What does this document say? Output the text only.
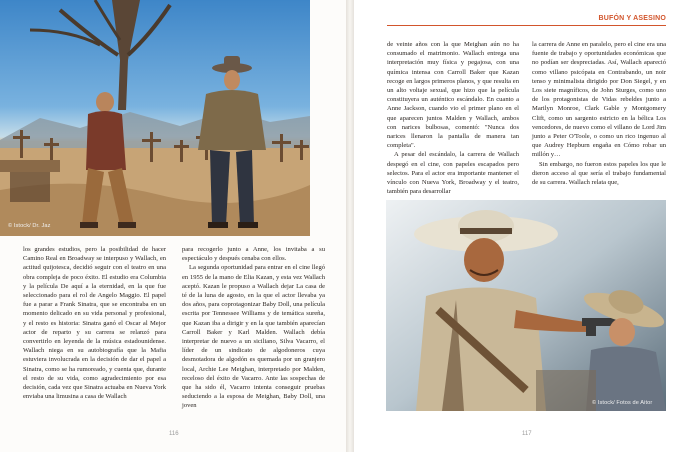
© Istock/ Dr. Jaz

los grandes estudios, pero la posibilidad de hacer Camino Real en Broadway se interpuso y Wallach, en actitud quijotesca, decidió seguir con el teatro en una obra compleja de poco éxito. El estudio era Columbia y la película De aquí a la eternidad, en la que fue seleccionado para el rol de Angelo Maggio. El papel fue a parar a Frank Sinatra, que se encontraba en un momento delicado en su vida personal y profesional, y el resto es historia: Sinatra ganó el Oscar al Mejor actor de reparto y su carrera se relanzó para convertirlo en leyenda de la música estadounidense. Wallach niega en su autobiografía que la Mafia estuviera involucrada en la decisión de dar el papel a Sinatra, como se ha rumoreado, y cuenta que, durante el resto de su vida, como agradecimiento por esa decisión, cada vez que Sinatra actuaba en Nueva York enviaba una limusina a casa de Wallach

para recogerlo junto a Anne, los invitaba a su espectáculo y después cenaba con ellos.

La segunda oportunidad para entrar en el cine llegó en 1955 de la mano de Elia Kazan, y esta vez Wallach aceptó. Kazan le propuso a Wallach dejar La casa de té de la luna de agosto, en la que el actor llevaba ya dos años, para coprotagonizar Baby Doll, una película escrita por Tennessee Williams y de temática sureña, que Kazan iba a dirigir y en la que también aparecían Carroll Baker y Karl Malden. Wallach debía interpretar de nuevo a un siciliano, Silva Vacarro, el líder de un sindicato de algodoneros cuya desmotadora de algodón es quemada por un granjero local, Archie Lee Meighan, interpretado por Malden, receloso del éxito de Vacarro. Ante las sospechas de que ha sido él, Vacarro intenta conseguir pruebas seduciendo a la esposa de Meighan, Baby Doll, una joven

116
BUFÓN Y ASESINO

de veinte años con la que Meighan aún no ha consumado el matrimonio. Wallach entrega una interpretación muy física y pegajosa, con una química intensa con Carroll Baker que Kazan recoge en largos primeros planos, y que resulta en un alto voltaje sexual, que hizo que la película constituyera un auténtico escándalo. En cuanto a Anne Jackson, cuando vio el primer plano en el que aparecen juntos Malden y Wallach, ambos con narices bulbosas, comentó: "Nunca dos narices llenaron la pantalla de manera tan completa".

A pesar del escándalo, la carrera de Wallach despegó en el cine, con papeles escapados pero selectos. Para el actor era importante mantener el vínculo con Nueva York, Broadway y el teatro, también para desarrollar

la carrera de Anne en paralelo, pero el cine era una fuente de trabajo y oportunidades económicas que no podían ser despreciadas. Así, Wallach apareció como villano psicópata en Contrabando, un noir tenso y minimalista dirigido por Don Siegel, y en Los siete magníficos, de John Sturges, como uno de los protagonistas de Vidas rebeldes junto a Marilyn Monroe, Clark Gable y Montgomery Clift, como un sargento estricto en la bélica Los vencedores, de nuevo como el villano de Lord Jim junto a Peter O'Toole, o como un rico ingenuo al que Audrey Hepburn engaña en Cómo robar un millón y…

Sin embargo, no fueron estos papeles los que le dieron acceso al que sería el trabajo fundamental de su carrera. Wallach relata que,

© Istock/ Fotos de Aitor
117
